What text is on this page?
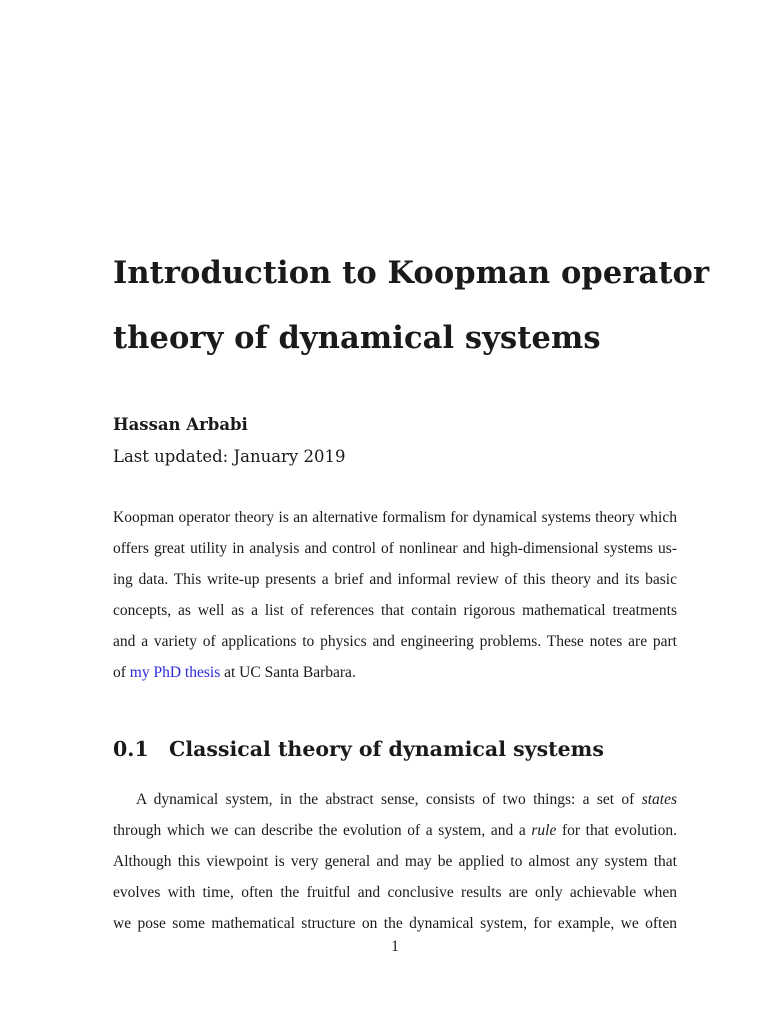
Introduction to Koopman operator
theory of dynamical systems
Hassan Arbabi
Last updated: January 2019
Koopman operator theory is an alternative formalism for dynamical systems theory which
offers great utility in analysis and control of nonlinear and high-dimensional systems us-
ing data. This write-up presents a brief and informal review of this theory and its basic
concepts, as well as a list of references that contain rigorous mathematical treatments
and a variety of applications to physics and engineering problems. These notes are part
of my PhD thesis at UC Santa Barbara.
0.1 Classical theory of dynamical systems
A dynamical system, in the abstract sense, consists of two things: a set of states
through which we can describe the evolution of a system, and a rule for that evolution.
Although this viewpoint is very general and may be applied to almost any system that
evolves with time, often the fruitful and conclusive results are only achievable when
we pose some mathematical structure on the dynamical system, for example, we often
1
